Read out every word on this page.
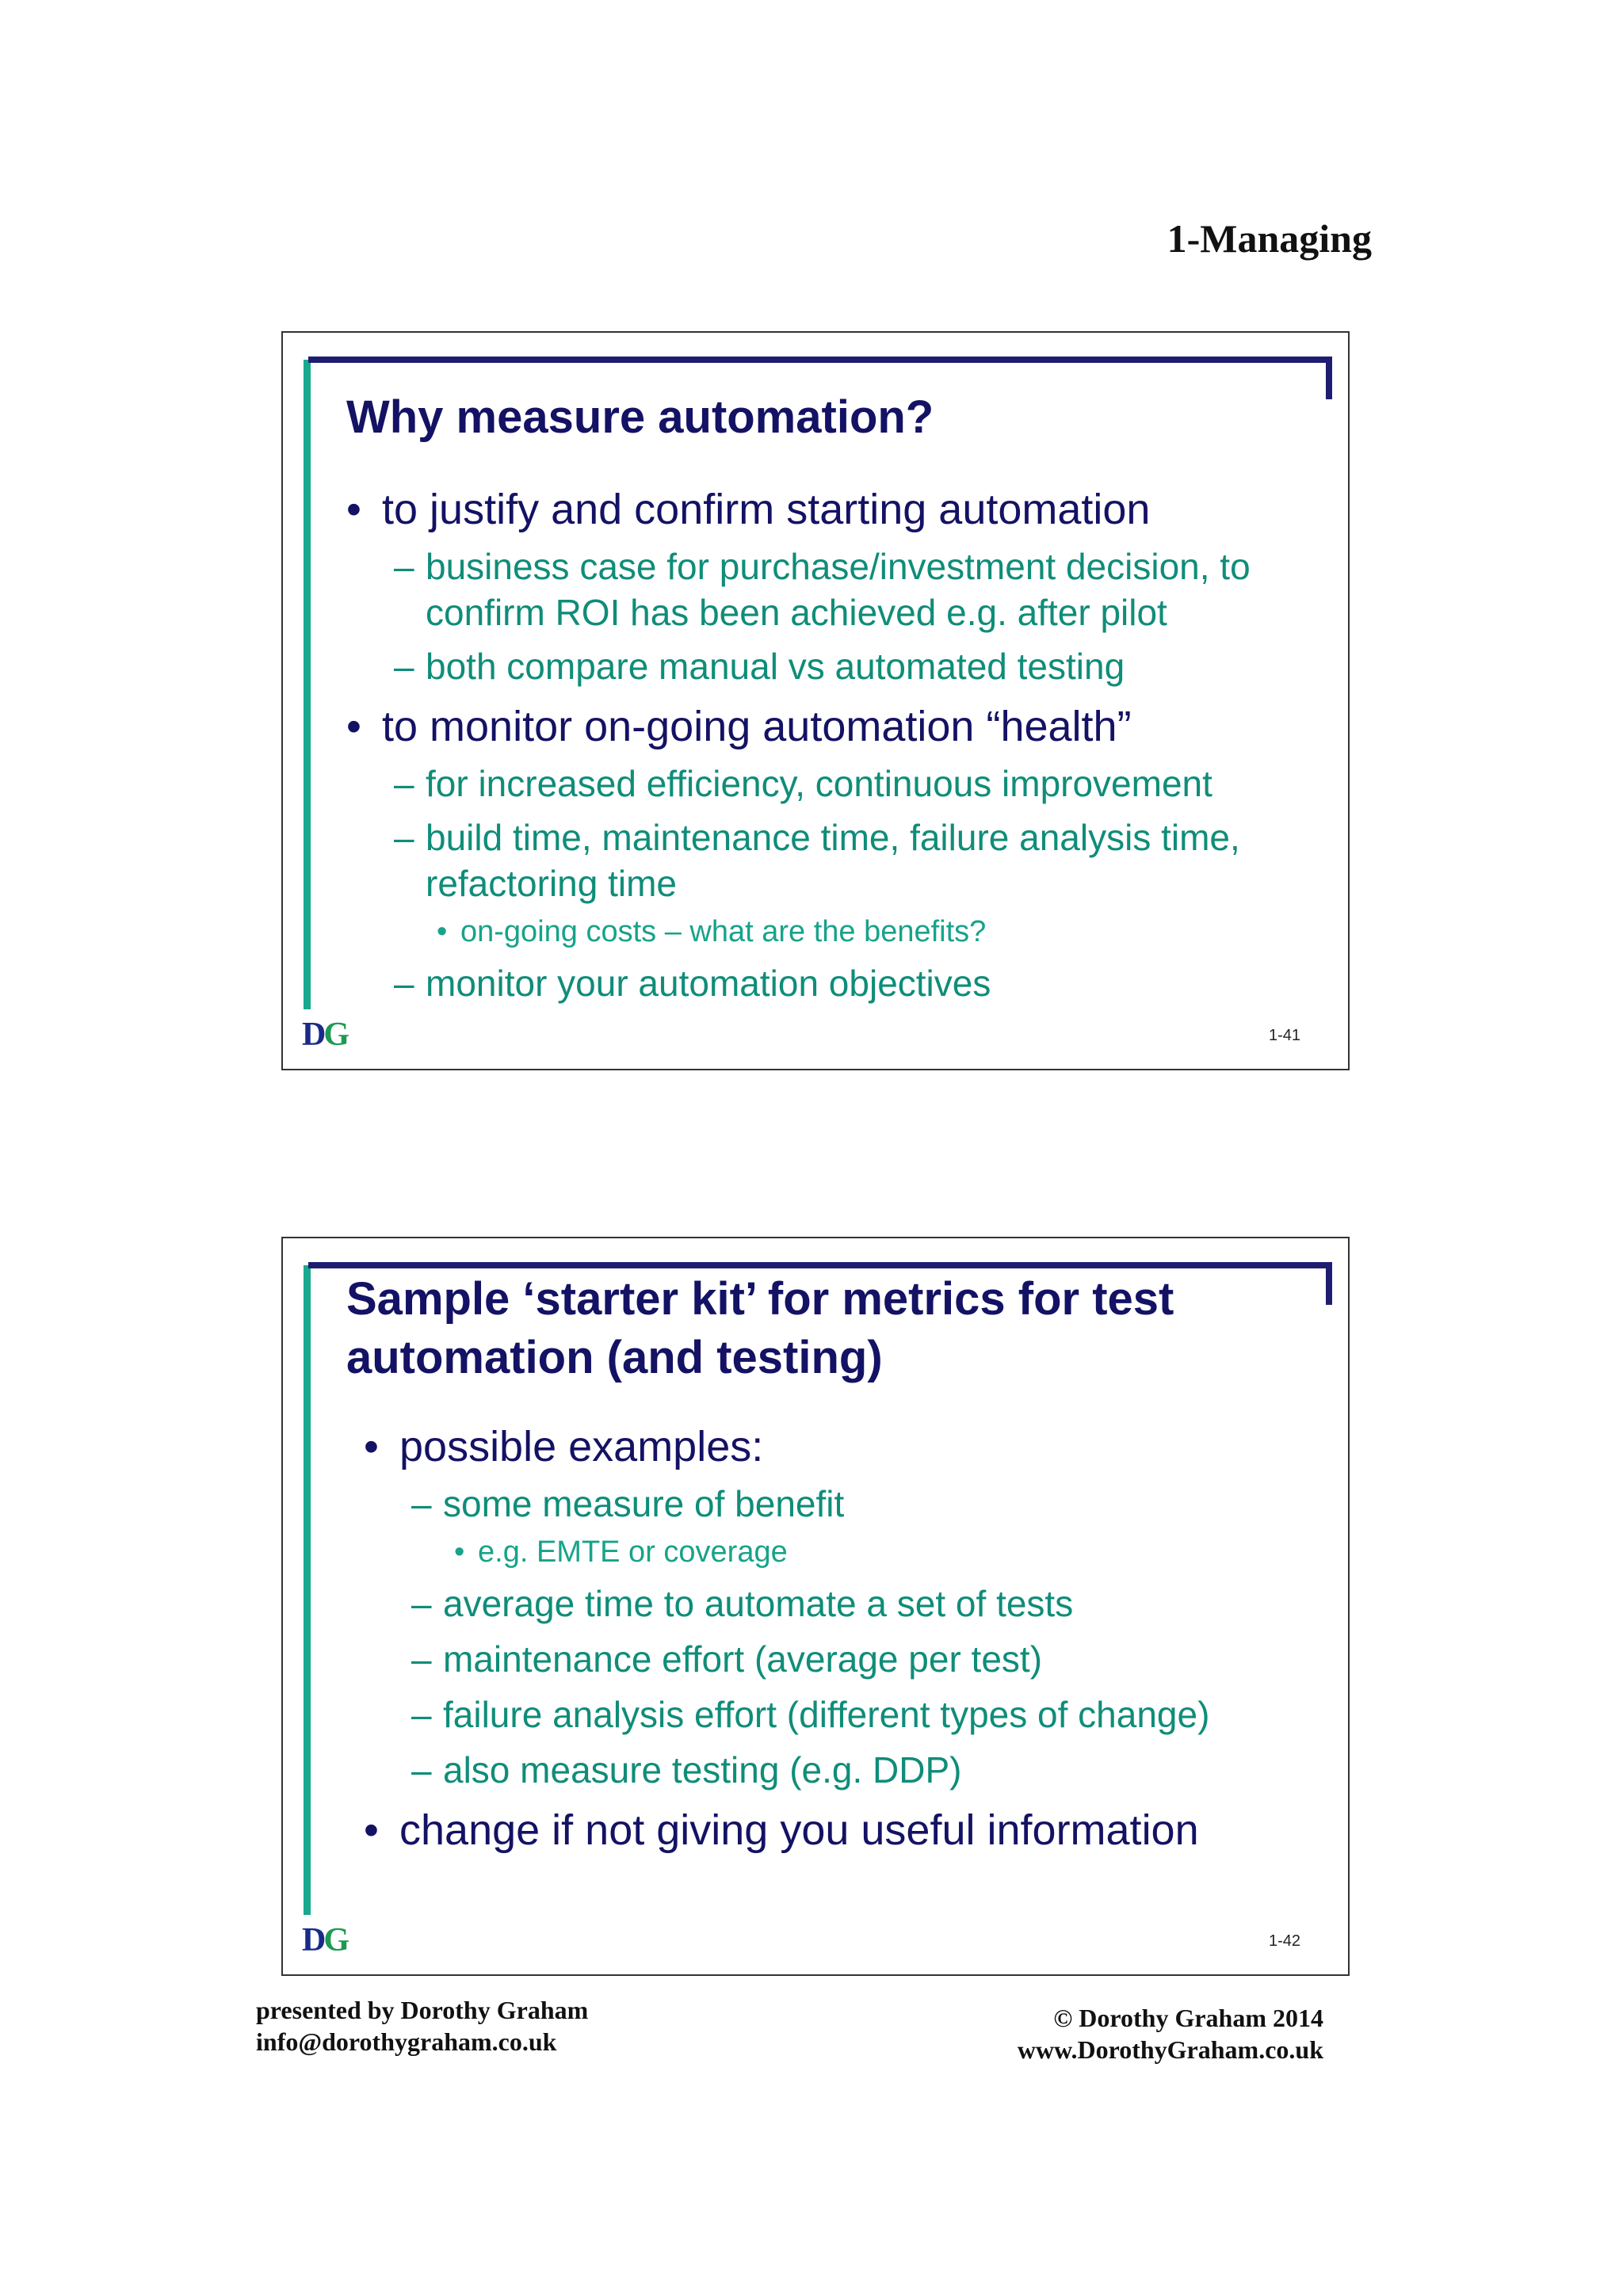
1-Managing
Why measure automation?
• to justify and confirm starting automation
– business case for purchase/investment decision, to confirm ROI has been achieved e.g. after pilot
– both compare manual vs automated testing
• to monitor on-going automation “health”
– for increased efficiency, continuous improvement
– build time, maintenance time, failure analysis time, refactoring time
• on-going costs – what are the benefits?
– monitor your automation objectives
DG	1-41
Sample ‘starter kit’ for metrics for test automation (and testing)
• possible examples:
– some measure of benefit
• e.g. EMTE or coverage
– average time to automate a set of tests
– maintenance effort (average per test)
– failure analysis effort (different types of change)
– also measure testing (e.g. DDP)
• change if not giving you useful information
DG	1-42
presented by Dorothy Graham
info@dorothygraham.co.uk
© Dorothy Graham 2014
www.DorothyGraham.co.uk
